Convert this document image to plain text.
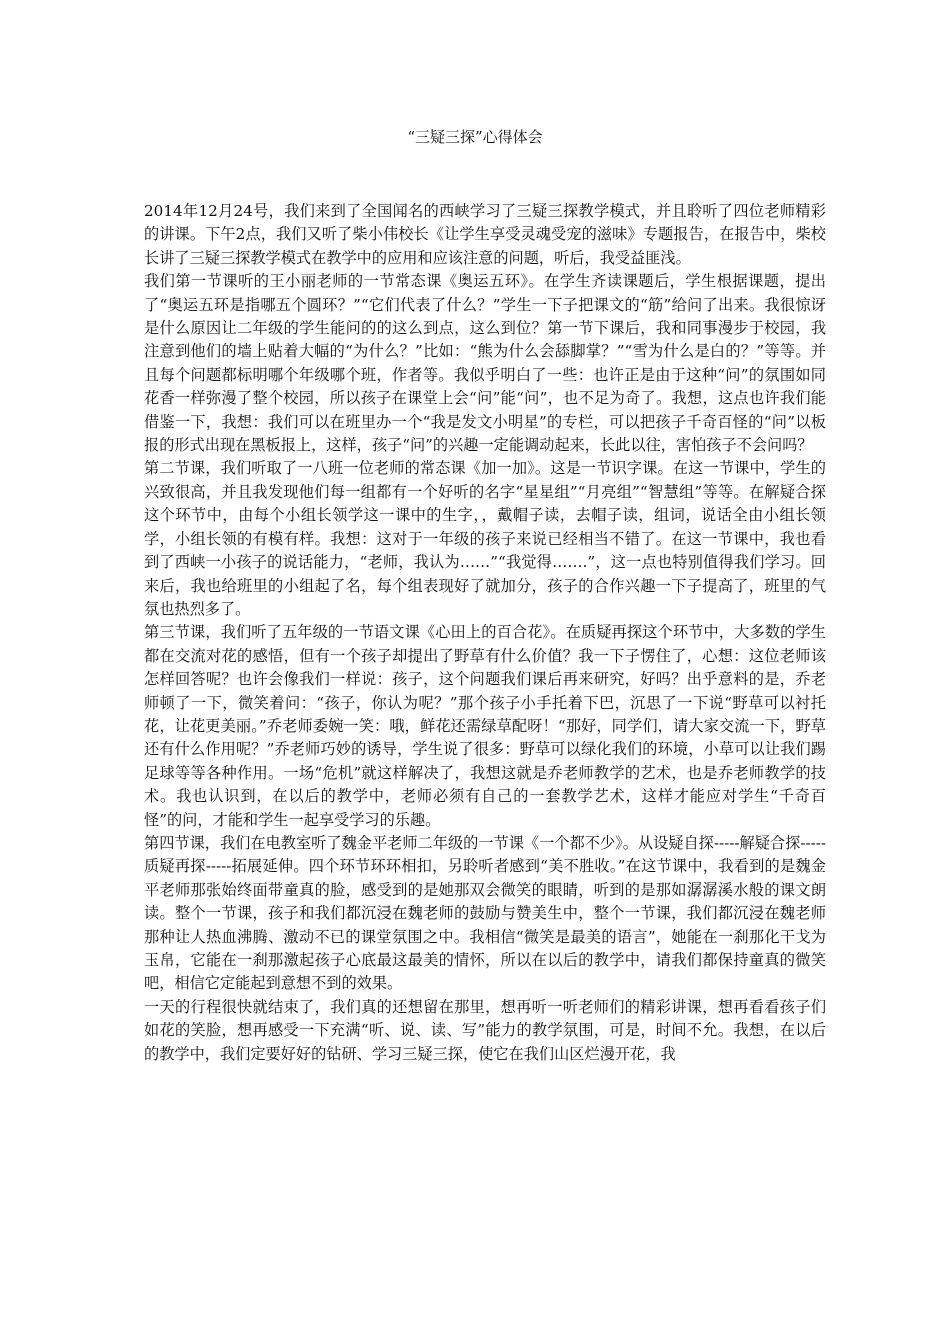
“三疑三探”心得体会

2014年12月24号，我们来到了全国闻名的西峡学习了三疑三探教学模式，并且聆听了四位老师精彩的讲课。下午2点，我们又听了柴小伟校长《让学生享受灵魂受宠的滋味》专题报告，在报告中，柴校长讲了三疑三探教学模式在教学中的应用和应该注意的问题，听后，我受益匪浅。

我们第一节课听的王小丽老师的一节常态课《奥运五环》。在学生齐读课题后，学生根据课题，提出了“奥运五环是指哪五个圆环？”“它们代表了什么？”学生一下子把课文的“筋”给问了出来。我很惊讶是什么原因让二年级的学生能问的的这么到点，这么到位？第一节下课后，我和同事漫步于校园，我注意到他们的墙上贴着大幅的“为什么？”比如：“熊为什么会舔脚掌？”“雪为什么是白的？”等等。并且每个问题都标明哪个年级哪个班，作者等。我似乎明白了一些：也许正是由于这种“问”的氛围如同花香一样弥漫了整个校园，所以孩子在课堂上会“问”能“问”，也不足为奇了。我想，这点也许我们能借鉴一下，我想：我们可以在班里办一个“我是发文小明星”的专栏，可以把孩子千奇百怪的“问”以板报的形式出现在黑板报上，这样，孩子“问”的兴趣一定能调动起来，长此以往，害怕孩子不会问吗？

第二节课，我们听取了一八班一位老师的常态课《加一加》。这是一节识字课。在这一节课中，学生的兴致很高，并且我发现他们每一组都有一个好听的名字“星星组”“月亮组”“智慧组”等等。在解疑合探这个环节中，由每个小组长领学这一课中的生字，，戴帽子读，去帽子读，组词，说话全由小组长领学，小组长领的有模有样。我想：这对于一年级的孩子来说已经相当不错了。在这一节课中，我也看到了西峡一小孩子的说话能力，“老师，我认为……”“我觉得…….”，这一点也特别值得我们学习。回来后，我也给班里的小组起了名，每个组表现好了就加分，孩子的合作兴趣一下子提高了，班里的气氛也热烈多了。

第三节课，我们听了五年级的一节语文课《心田上的百合花》。在质疑再探这个环节中，大多数的学生都在交流对花的感悟，但有一个孩子却提出了野草有什么价值？我一下子愣住了，心想：这位老师该怎样回答呢？也许会像我们一样说：孩子，这个问题我们课后再来研究，好吗？出乎意料的是，乔老师顿了一下，微笑着问：“孩子，你认为呢？”那个孩子小手托着下巴，沉思了一下说“野草可以衬托花，让花更美丽。”乔老师委婉一笑：哦，鲜花还需绿草配呀！“那好，同学们，请大家交流一下，野草还有什么作用呢？”乔老师巧妙的诱导，学生说了很多：野草可以绿化我们的环境，小草可以让我们踢足球等等各种作用。一场“危机”就这样解决了，我想这就是乔老师教学的艺术，也是乔老师教学的技术。我也认识到，在以后的教学中，老师必须有自己的一套教学艺术，这样才能应对学生“千奇百怪”的问，才能和学生一起享受学习的乐趣。

第四节课，我们在电教室听了魏金平老师二年级的一节课《一个都不少》。从设疑自探-----解疑合探-----质疑再探-----拓展延伸。四个环节环环相扣，另聆听者感到“美不胜收。”在这节课中，我看到的是魏金平老师那张始终面带童真的脸，感受到的是她那双会微笑的眼睛，听到的是那如潺潺溪水般的课文朗读。整个一节课，孩子和我们都沉浸在魏老师的鼓励与赞美生中，整个一节课，我们都沉浸在魏老师那种让人热血沸腾、激动不已的课堂氛围之中。我相信“微笑是最美的语言”，她能在一刹那化干戈为玉帛，它能在一刹那激起孩子心底最这最美的情怀，所以在以后的教学中，请我们都保持童真的微笑吧，相信它定能起到意想不到的效果。

一天的行程很快就结束了，我们真的还想留在那里，想再听一听老师们的精彩讲课，想再看看孩子们如花的笑脸，想再感受一下充满“听、说、读、写”能力的教学氛围，可是，时间不允。我想，在以后的教学中，我们定要好好的钻研、学习三疑三探，使它在我们山区烂漫开花，我
